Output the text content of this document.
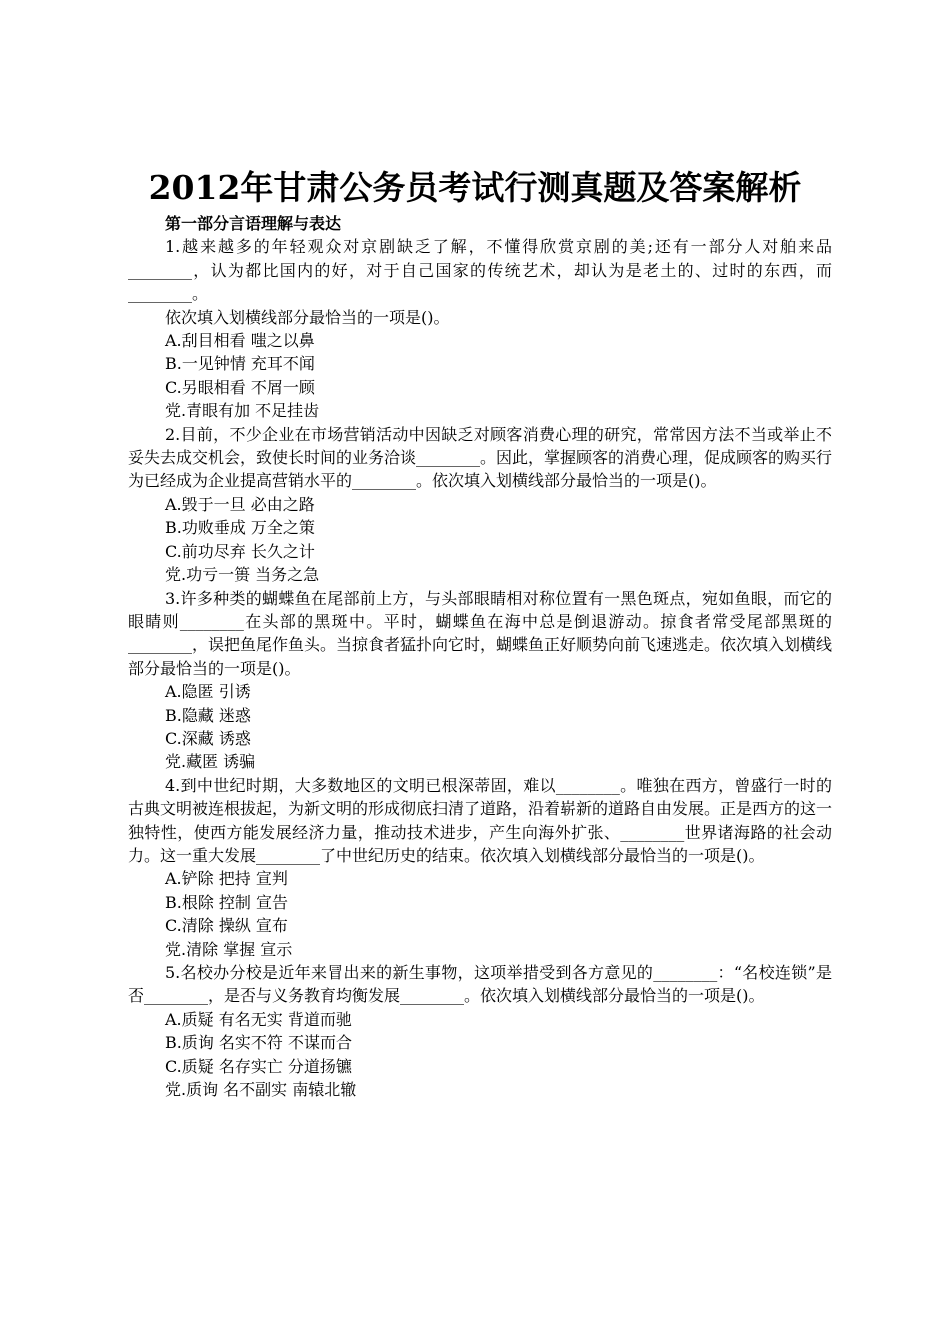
2012年甘肃公务员考试行测真题及答案解析

第一部分言语理解与表达

1.越来越多的年轻观众对京剧缺乏了解，不懂得欣赏京剧的美;还有一部分人对舶来品________，认为都比国内的好，对于自己国家的传统艺术，却认为是老土的、过时的东西，而________。

依次填入划横线部分最恰当的一项是()。

A.刮目相看 嗤之以鼻

B.一见钟情 充耳不闻

C.另眼相看 不屑一顾

党.青眼有加 不足挂齿

2.目前，不少企业在市场营销活动中因缺乏对顾客消费心理的研究，常常因方法不当或举止不妥失去成交机会，致使长时间的业务洽谈________。因此，掌握顾客的消费心理，促成顾客的购买行为已经成为企业提高营销水平的________。依次填入划横线部分最恰当的一项是()。

A.毁于一旦 必由之路

B.功败垂成 万全之策

C.前功尽弃 长久之计

党.功亏一篑 当务之急

3.许多种类的蝴蝶鱼在尾部前上方，与头部眼睛相对称位置有一黑色斑点，宛如鱼眼，而它的眼睛则________在头部的黑斑中。平时，蝴蝶鱼在海中总是倒退游动。掠食者常受尾部黑斑的________，误把鱼尾作鱼头。当掠食者猛扑向它时，蝴蝶鱼正好顺势向前飞速逃走。依次填入划横线部分最恰当的一项是()。

A.隐匿 引诱

B.隐藏 迷惑

C.深藏 诱惑

党.藏匿 诱骗

4.到中世纪时期，大多数地区的文明已根深蒂固，难以________。唯独在西方，曾盛行一时的古典文明被连根拔起，为新文明的形成彻底扫清了道路，沿着崭新的道路自由发展。正是西方的这一独特性，使西方能发展经济力量，推动技术进步，产生向海外扩张、________世界诸海路的社会动力。这一重大发展________了中世纪历史的结束。依次填入划横线部分最恰当的一项是()。

A.铲除 把持 宣判

B.根除 控制 宣告

C.清除 操纵 宣布

党.清除 掌握 宣示

5.名校办分校是近年来冒出来的新生事物，这项举措受到各方意见的________：“名校连锁”是否________，是否与义务教育均衡发展________。依次填入划横线部分最恰当的一项是()。

A.质疑 有名无实 背道而驰

B.质询 名实不符 不谋而合

C.质疑 名存实亡 分道扬镳

党.质询 名不副实 南辕北辙
